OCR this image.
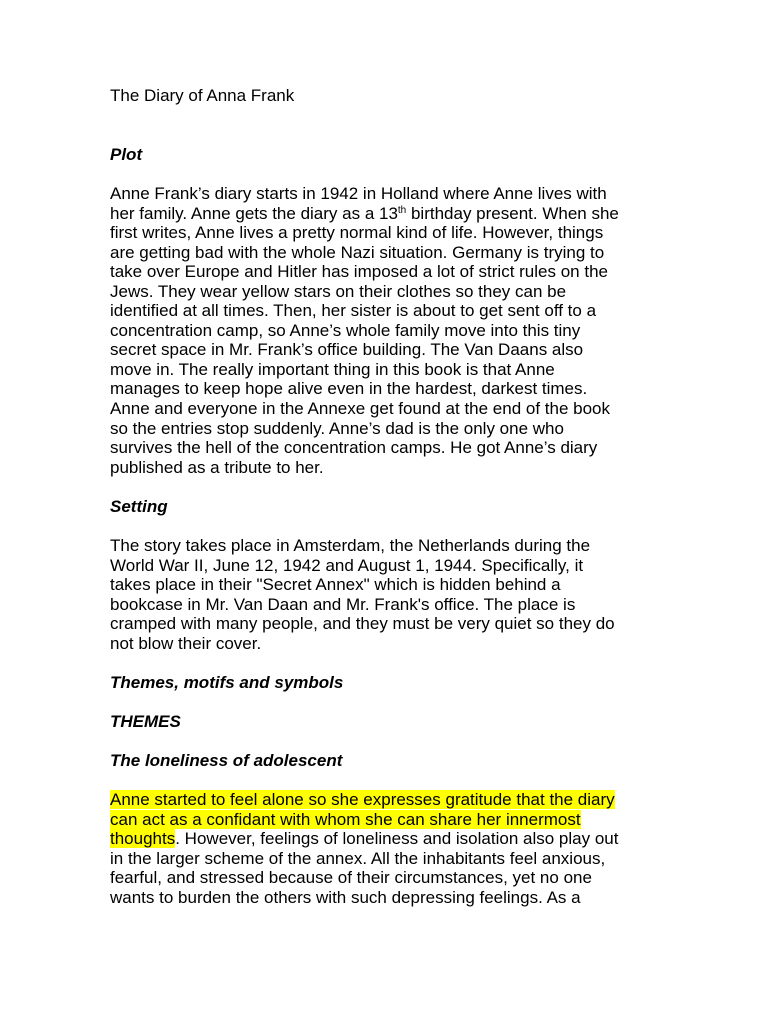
The Diary of Anna Frank
Plot
Anne Frank’s diary starts in 1942 in Holland where Anne lives with
her family. Anne gets the diary as a 13th birthday present. When she
first writes, Anne lives a pretty normal kind of life. However, things
are getting bad with the whole Nazi situation. Germany is trying to
take over Europe and Hitler has imposed a lot of strict rules on the
Jews. They wear yellow stars on their clothes so they can be
identified at all times. Then, her sister is about to get sent off to a
concentration camp, so Anne’s whole family move into this tiny
secret space in Mr. Frank’s office building. The Van Daans also
move in. The really important thing in this book is that Anne
manages to keep hope alive even in the hardest, darkest times.
Anne and everyone in the Annexe get found at the end of the book
so the entries stop suddenly. Anne’s dad is the only one who
survives the hell of the concentration camps. He got Anne’s diary
published as a tribute to her.
Setting
The story takes place in Amsterdam, the Netherlands during the
World War II, June 12, 1942 and August 1, 1944. Specifically, it
takes place in their "Secret Annex" which is hidden behind a
bookcase in Mr. Van Daan and Mr. Frank's office. The place is
cramped with many people, and they must be very quiet so they do
not blow their cover.
Themes, motifs and symbols
THEMES
The loneliness of adolescent
Anne started to feel alone so she expresses gratitude that the diary
can act as a confidant with whom she can share her innermost
thoughts. However, feelings of loneliness and isolation also play out
in the larger scheme of the annex. All the inhabitants feel anxious,
fearful, and stressed because of their circumstances, yet no one
wants to burden the others with such depressing feelings. As a
